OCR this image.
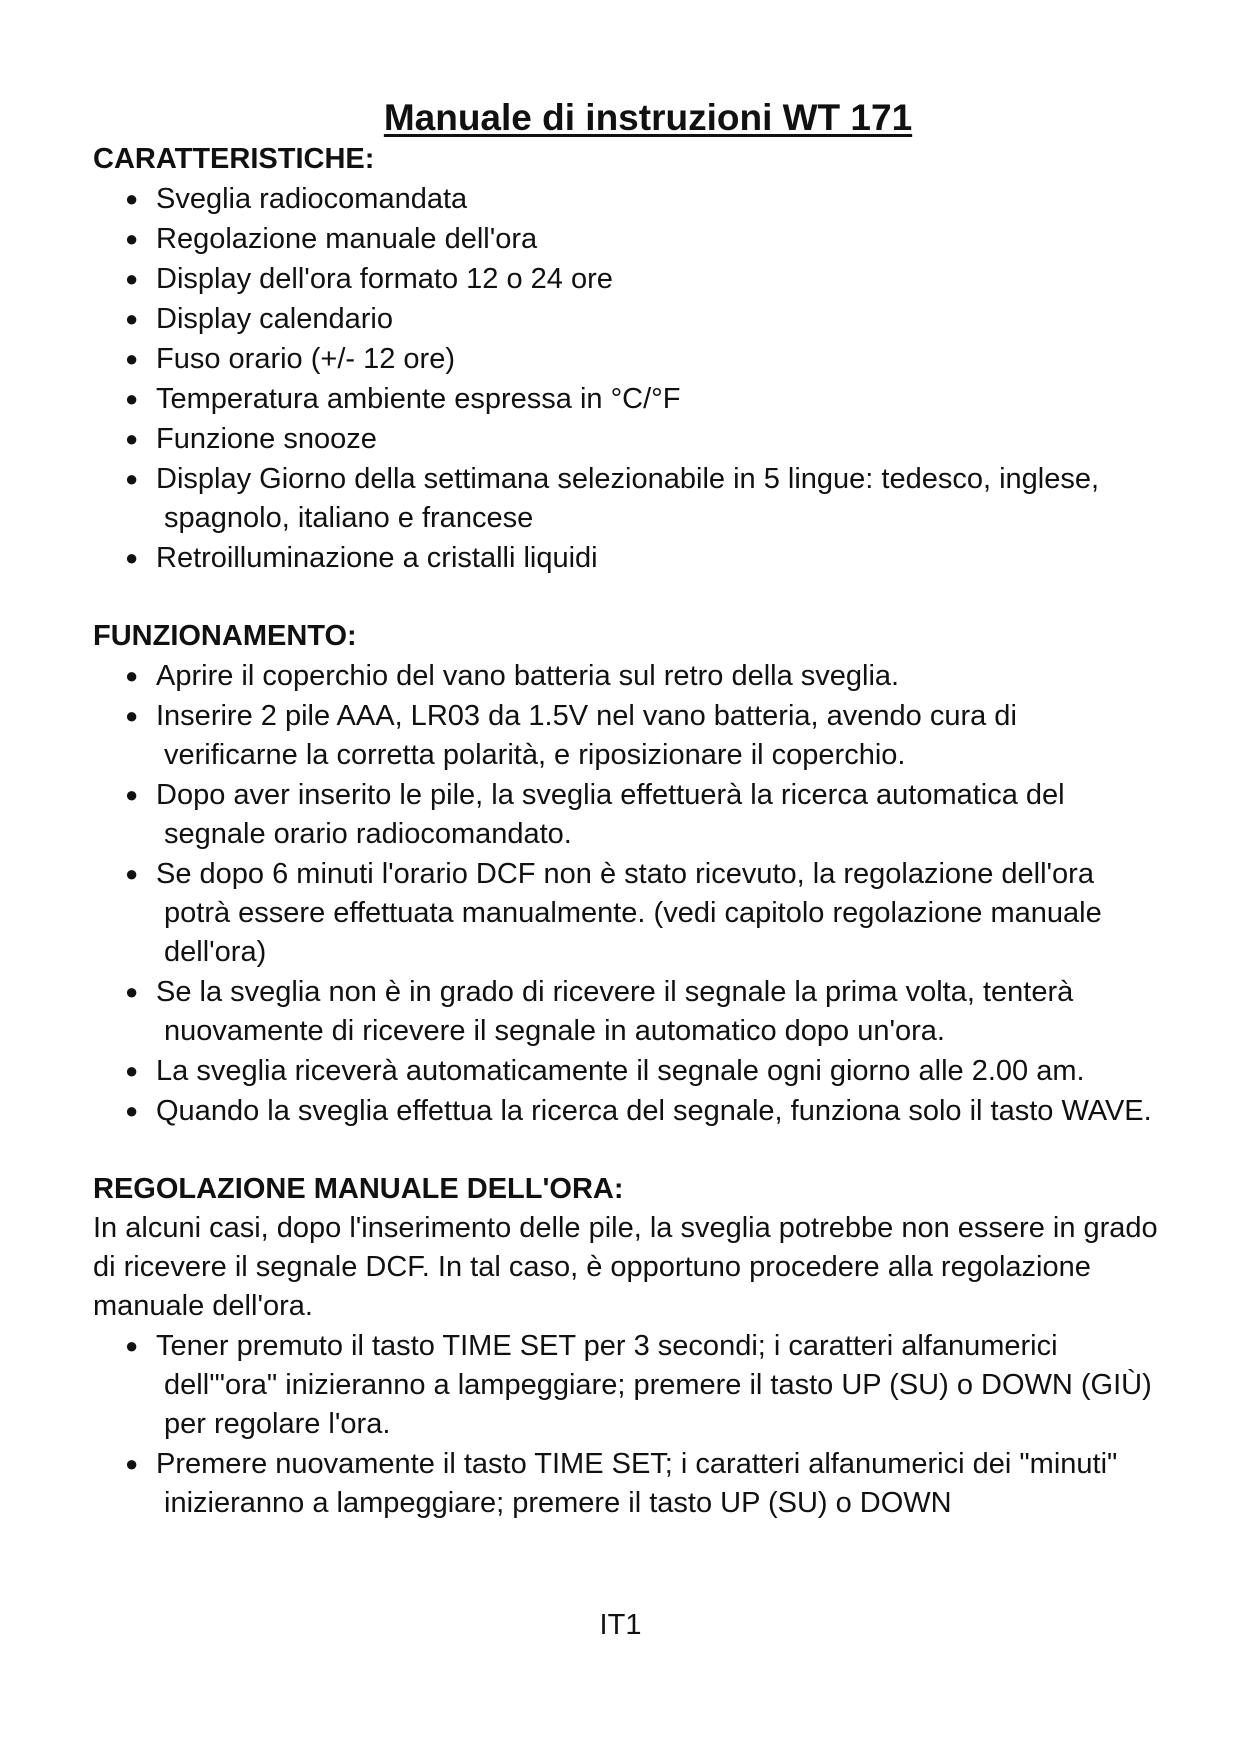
Manuale di instruzioni WT 171
CARATTERISTICHE:
● Sveglia radiocomandata
● Regolazione manuale dell'ora
● Display dell'ora formato 12 o 24 ore
● Display calendario
● Fuso orario (+/- 12 ore)
● Temperatura ambiente espressa in °C/°F
● Funzione snooze
● Display Giorno della settimana selezionabile in 5 lingue: tedesco, inglese, spagnolo, italiano e francese
● Retroilluminazione a cristalli liquidi
FUNZIONAMENTO:
● Aprire il coperchio del vano batteria sul retro della sveglia.
● Inserire 2 pile AAA, LR03 da 1.5V nel vano batteria, avendo cura di verificarne la corretta polarità, e riposizionare il coperchio.
● Dopo aver inserito le pile, la sveglia effettuerà la ricerca automatica del segnale orario radiocomandato.
● Se dopo 6 minuti l'orario DCF non è stato ricevuto, la regolazione dell'ora potrà essere effettuata manualmente. (vedi capitolo regolazione manuale dell'ora)
● Se la sveglia non è in grado di ricevere il segnale la prima volta, tenterà nuovamente di ricevere il segnale in automatico dopo un'ora.
● La sveglia riceverà automaticamente il segnale ogni giorno alle 2.00 am.
● Quando la sveglia effettua la ricerca del segnale, funziona solo il tasto WAVE.
REGOLAZIONE MANUALE DELL'ORA:

In alcuni casi, dopo l'inserimento delle pile, la sveglia potrebbe non essere in grado di ricevere il segnale DCF. In tal caso, è opportuno procedere alla regolazione manuale dell'ora.

● Tener premuto il tasto TIME SET per 3 secondi; i caratteri alfanumerici dell'"ora" inizieranno a lampeggiare; premere il tasto UP (SU) o DOWN (GIÙ) per regolare l'ora.
● Premere nuovamente il tasto TIME SET; i caratteri alfanumerici dei "minuti" inizieranno a lampeggiare; premere il tasto UP (SU) o DOWN
IT1
